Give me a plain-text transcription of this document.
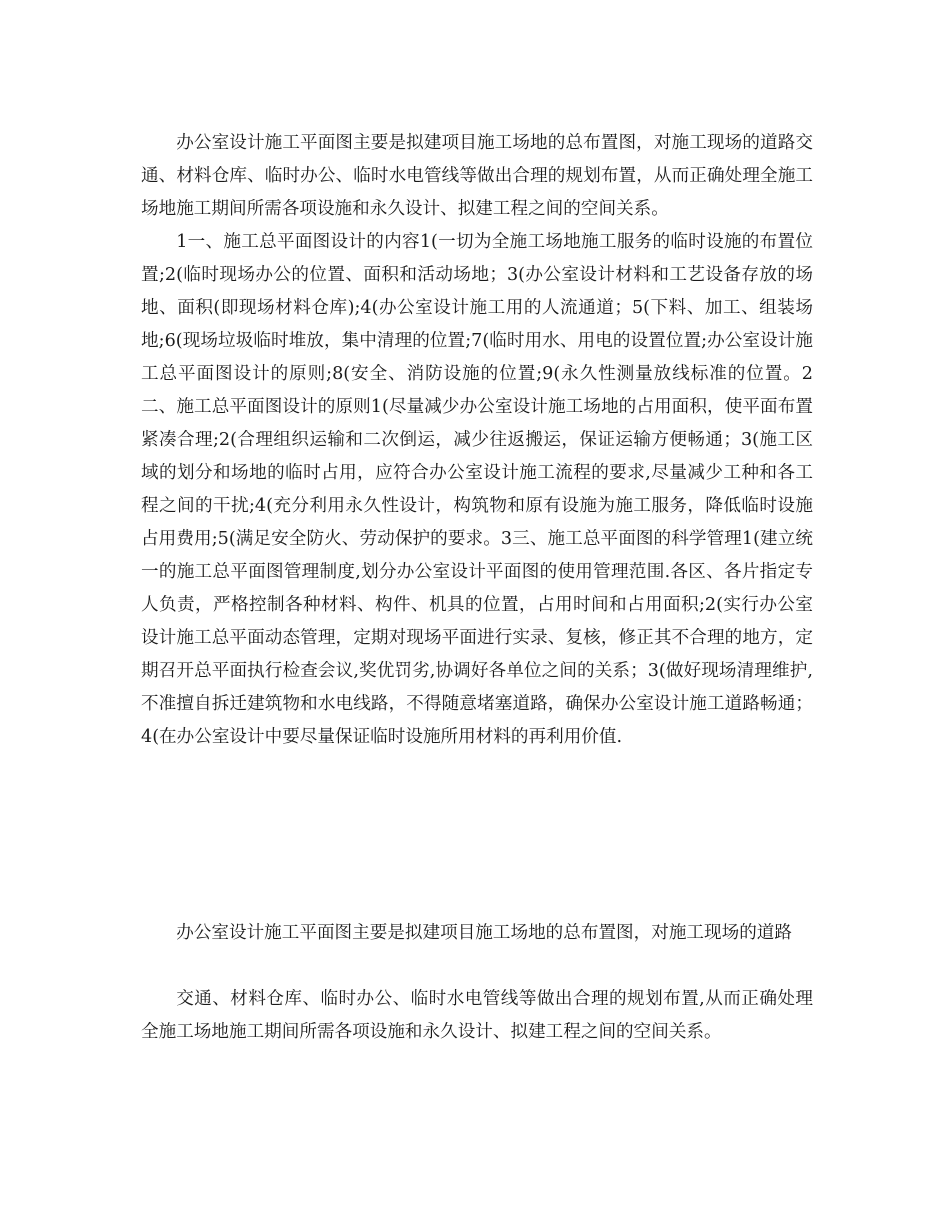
办公室设计施工平面图主要是拟建项目施工场地的总布置图，对施工现场的道路交通、材料仓库、临时办公、临时水电管线等做出合理的规划布置，从而正确处理全施工场地施工期间所需各项设施和永久设计、拟建工程之间的空间关系。

1一、施工总平面图设计的内容1(一切为全施工场地施工服务的临时设施的布置位置;2(临时现场办公的位置、面积和活动场地；3(办公室设计材料和工艺设备存放的场地、面积(即现场材料仓库);4(办公室设计施工用的人流通道；5(下料、加工、组装场地;6(现场垃圾临时堆放，集中清理的位置;7(临时用水、用电的设置位置;办公室设计施工总平面图设计的原则;8(安全、消防设施的位置;9(永久性测量放线标准的位置。2二、施工总平面图设计的原则1(尽量减少办公室设计施工场地的占用面积，使平面布置紧凑合理;2(合理组织运输和二次倒运，减少往返搬运，保证运输方便畅通；3(施工区域的划分和场地的临时占用，应符合办公室设计施工流程的要求,尽量减少工种和各工程之间的干扰;4(充分利用永久性设计，构筑物和原有设施为施工服务，降低临时设施占用费用;5(满足安全防火、劳动保护的要求。3三、施工总平面图的科学管理1(建立统一的施工总平面图管理制度,划分办公室设计平面图的使用管理范围.各区、各片指定专人负责，严格控制各种材料、构件、机具的位置，占用时间和占用面积;2(实行办公室设计施工总平面动态管理，定期对现场平面进行实录、复核，修正其不合理的地方，定期召开总平面执行检查会议,奖优罚劣,协调好各单位之间的关系；3(做好现场清理维护,不准擅自拆迁建筑物和水电线路，不得随意堵塞道路，确保办公室设计施工道路畅通；4(在办公室设计中要尽量保证临时设施所用材料的再利用价值.

办公室设计施工平面图主要是拟建项目施工场地的总布置图，对施工现场的道路

交通、材料仓库、临时办公、临时水电管线等做出合理的规划布置,从而正确处理全施工场地施工期间所需各项设施和永久设计、拟建工程之间的空间关系。
